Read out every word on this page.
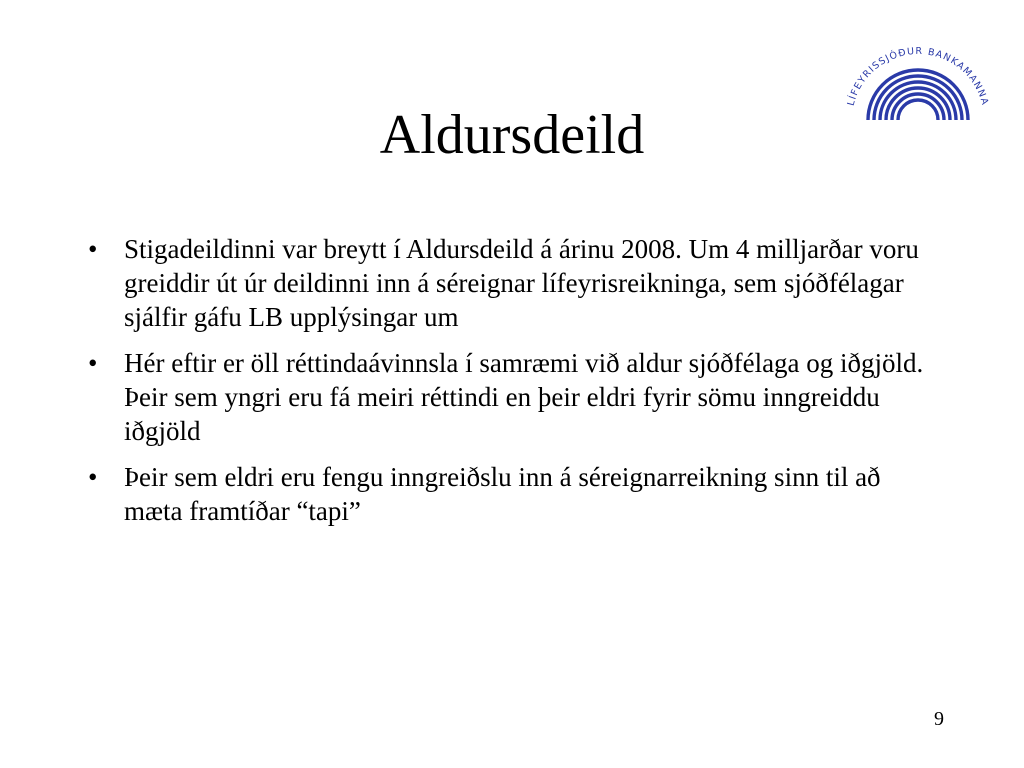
LÍFEYRISSJÓÐUR BANKAMANNA
Aldursdeild
• Stigadeildinni var breytt í Aldursdeild á árinu 2008. Um 4 milljarðar voru greiddir út úr deildinni inn á séreignar lífeyrisreikninga, sem sjóðfélagar sjálfir gáfu LB upplýsingar um
• Hér eftir er öll réttindaávinnsla í samræmi við aldur sjóðfélaga og iðgjöld. Þeir sem yngri eru fá meiri réttindi en þeir eldri fyrir sömu inngreiddu iðgjöld
• Þeir sem eldri eru fengu inngreiðslu inn á séreignarreikning sinn til að mæta framtíðar “tapi”
9
